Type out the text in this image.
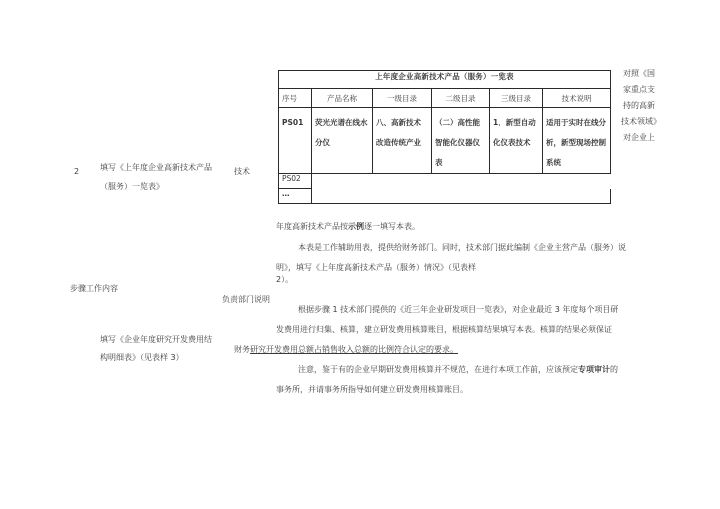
上年度企业高新技术产品（服务）一览表					
序号	产品名称	一级目录	二级目录	三级目录	技术说明
PS01	荧光光谱在线水分仪	八、高新技术改造传统产业	（二）高性能智能化仪器仪表	1．新型自动化仪表技术	适用于实时在线分析，新型现场控制系统
PS02					
…					
2	填写《上年度企业高新技术产品（服务）一览表》
技术
步骤工作内容
负责部门说明
填写《企业年度研究开发费用结构明细表》（见表样 3）
对照《国家重点支持的高新技术领域》对企业上
年度高新技术产品按示例逐一填写本表。
本表是工作辅助用表，提供给财务部门。同时，技术部门据此编制《企业主营产品（服务）说
明》，填写《上年度高新技术产品（服务）情况》（见表样
2）。
根据步骤 1 技术部门提供的《近三年企业研发项目一览表》，对企业最近 3 年度每个项目研
发费用进行归集、核算，建立研发费用核算账目，根据核算结果填写本表。核算的结果必须保证
财务研究开发费用总额占销售收入总额的比例符合认定的要求。
注意，鉴于有的企业早期研发费用核算并不规范，在进行本项工作前，应该预定专项审计的
事务所，并请事务所指导如何建立研发费用核算账目。
